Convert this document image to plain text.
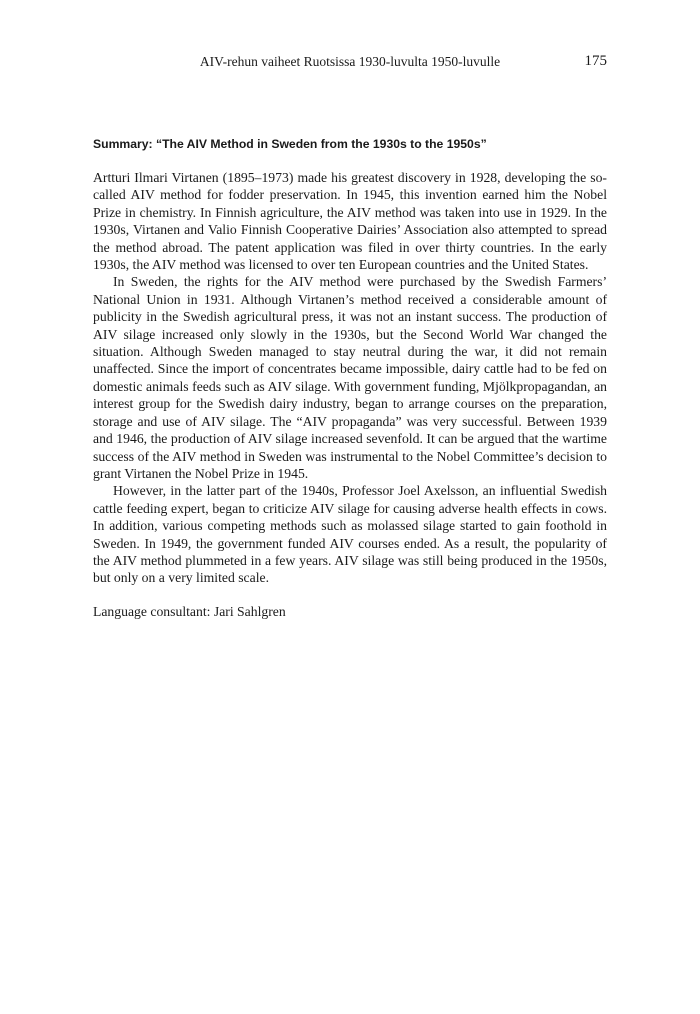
AIV-rehun vaiheet Ruotsissa 1930-luvulta 1950-luvulle	175
Summary: “The AIV Method in Sweden from the 1930s to the 1950s”

Artturi Ilmari Virtanen (1895–1973) made his greatest discovery in 1928, developing the so-called AIV method for fodder preservation. In 1945, this invention earned him the Nobel Prize in chemistry. In Finnish agriculture, the AIV method was taken into use in 1929. In the 1930s, Virtanen and Valio Finnish Cooperative Dairies’ Association also attempted to spread the method abroad. The patent application was filed in over thirty countries. In the early 1930s, the AIV method was licensed to over ten European countries and the United States.

In Sweden, the rights for the AIV method were purchased by the Swedish Farmers’ National Union in 1931. Although Virtanen’s method received a considerable amount of publicity in the Swedish agricultural press, it was not an instant success. The production of AIV silage increased only slowly in the 1930s, but the Second World War changed the situation. Although Sweden managed to stay neutral during the war, it did not remain unaffected. Since the import of concentrates became impossible, dairy cattle had to be fed on domestic animals feeds such as AIV silage. With government funding, Mjölkpropagandan, an interest group for the Swedish dairy industry, began to arrange courses on the preparation, storage and use of AIV silage. The “AIV propaganda” was very successful. Between 1939 and 1946, the production of AIV silage increased sevenfold. It can be argued that the wartime success of the AIV method in Sweden was instrumental to the Nobel Committee’s decision to grant Virtanen the Nobel Prize in 1945.

However, in the latter part of the 1940s, Professor Joel Axelsson, an influential Swedish cattle feeding expert, began to criticize AIV silage for causing adverse health effects in cows. In addition, various competing methods such as molassed silage started to gain foothold in Sweden. In 1949, the government funded AIV courses ended. As a result, the popularity of the AIV method plummeted in a few years. AIV silage was still being produced in the 1950s, but only on a very limited scale.

Language consultant: Jari Sahlgren
